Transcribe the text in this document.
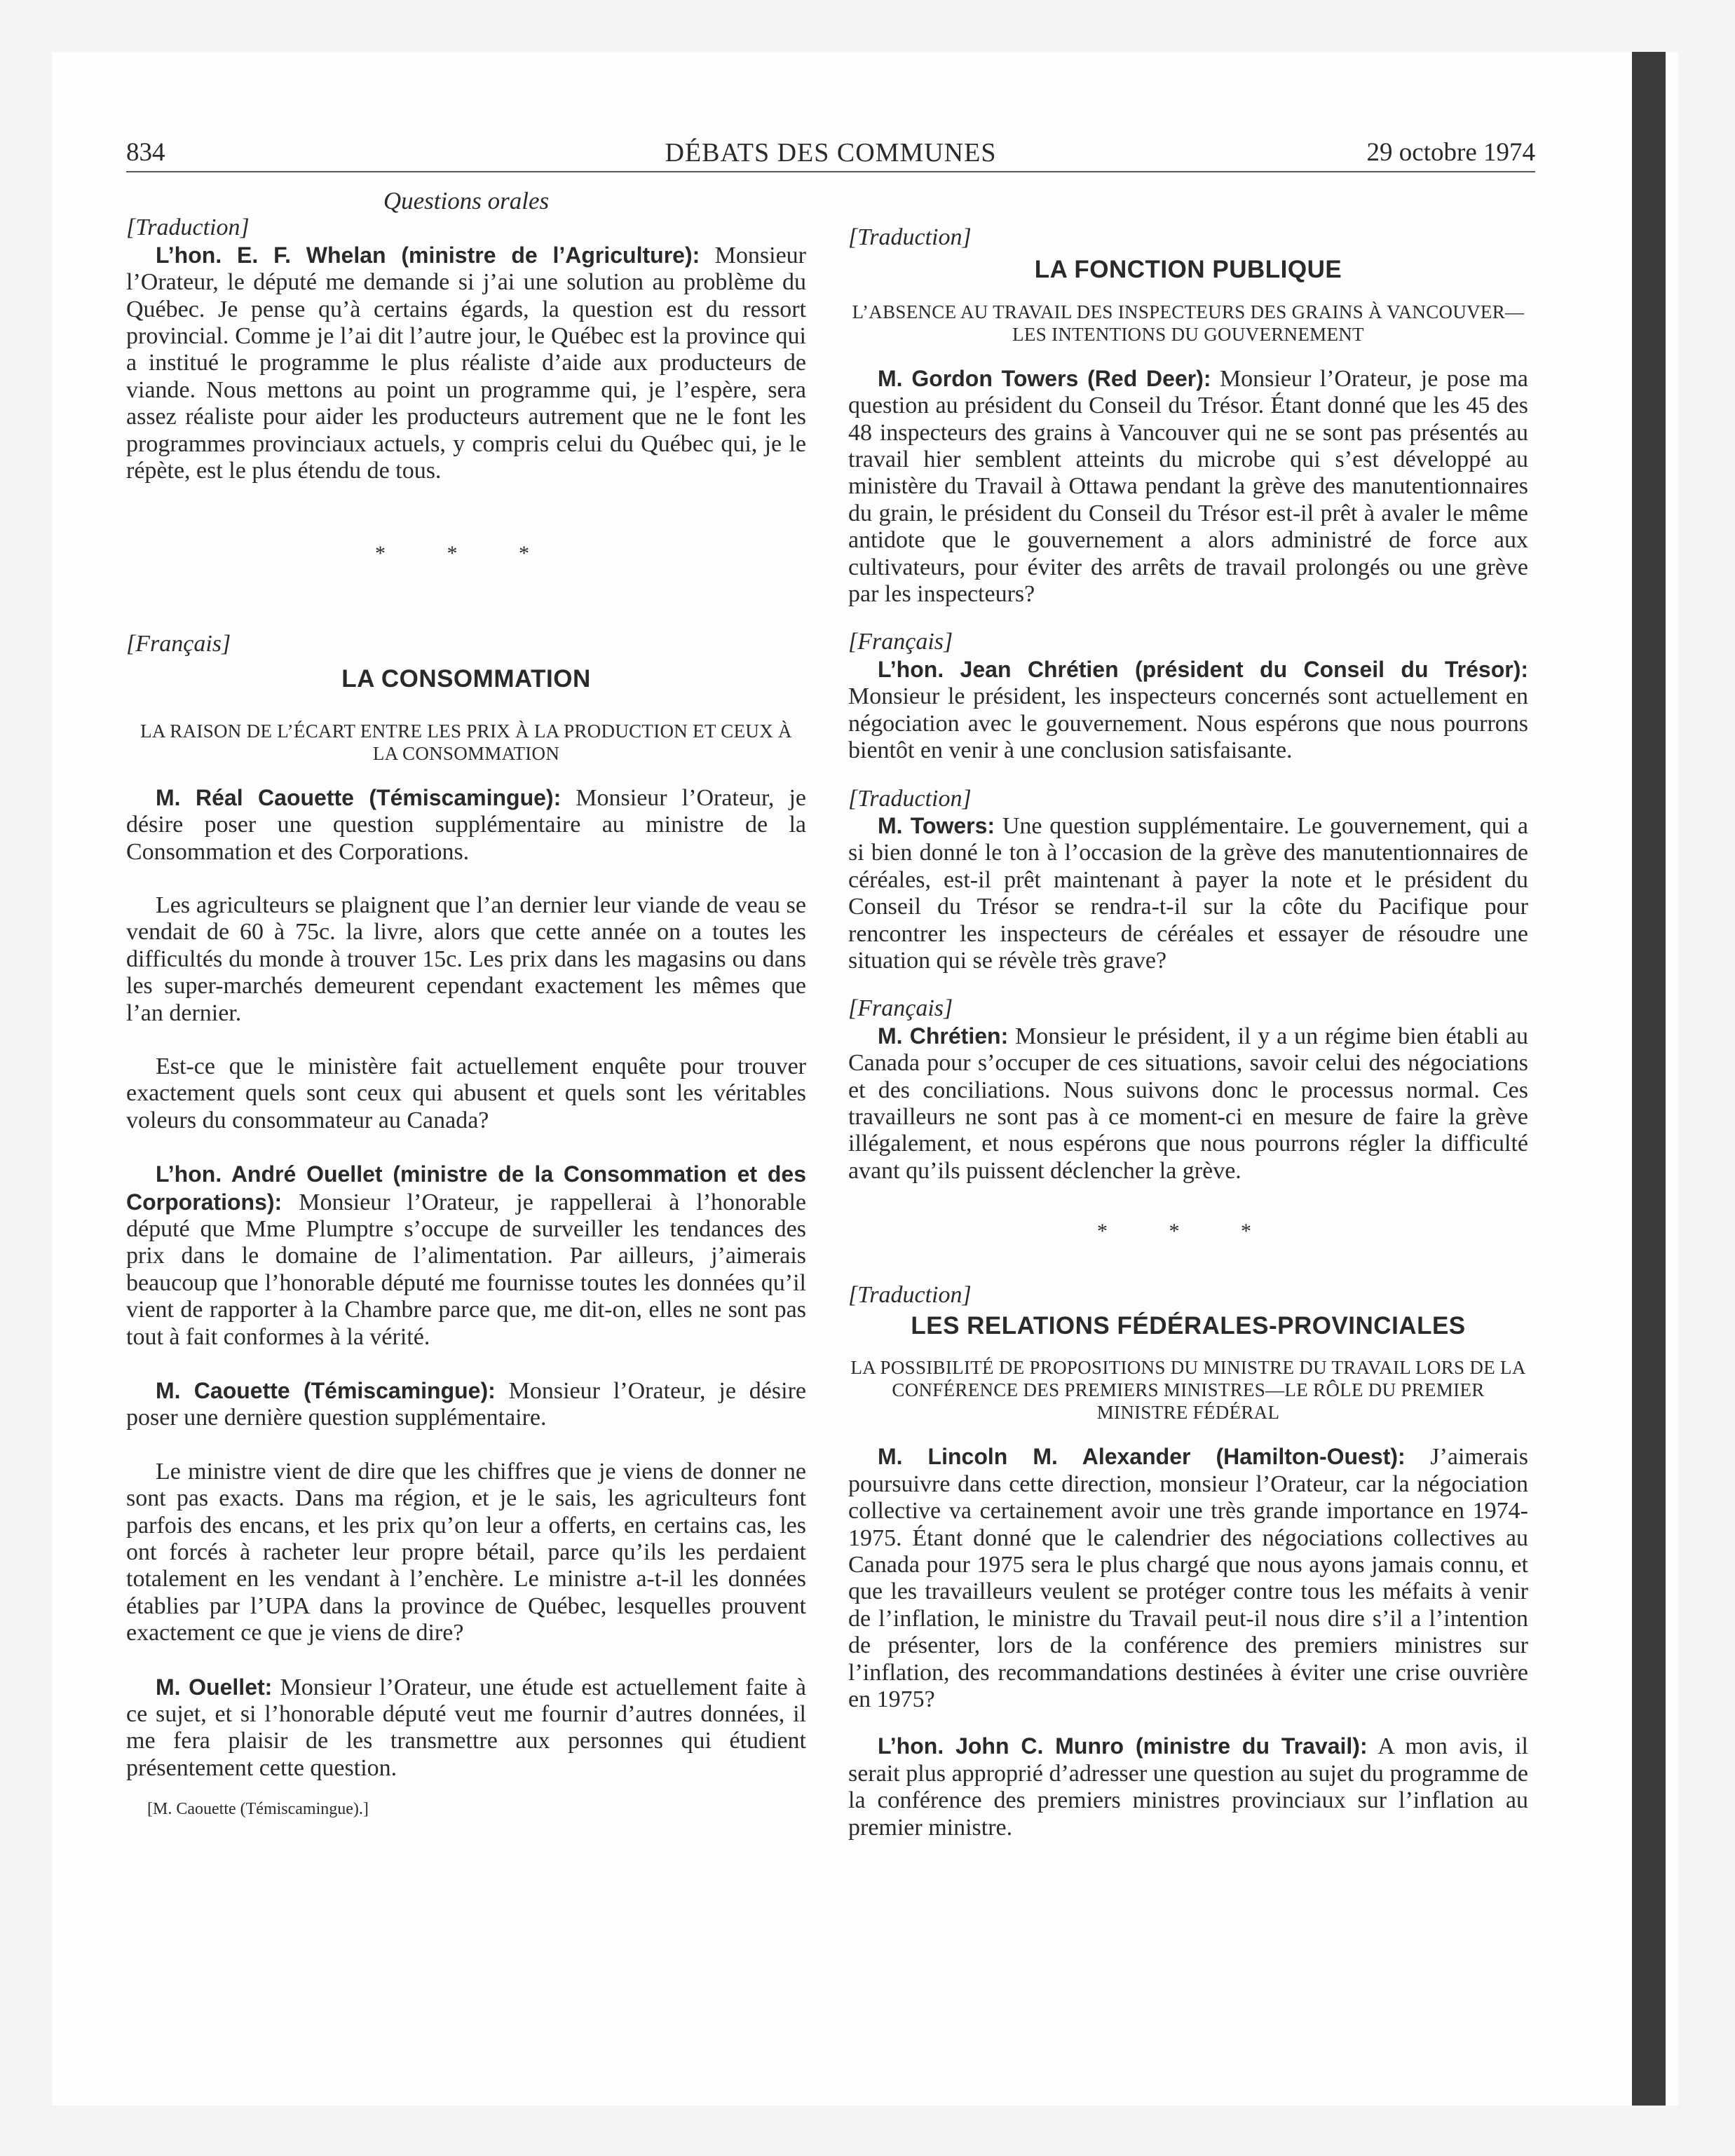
834	DÉBATS DES COMMUNES	29 octobre 1974
Questions orales
[Traduction]

L’hon. E. F. Whelan (ministre de l’Agriculture): Monsieur l’Orateur, le député me demande si j’ai une solution au problème du Québec. Je pense qu’à certains égards, la question est du ressort provincial. Comme je l’ai dit l’autre jour, le Québec est la province qui a institué le programme le plus réaliste d’aide aux producteurs de viande. Nous mettons au point un programme qui, je l’espère, sera assez réaliste pour aider les producteurs autrement que ne le font les programmes provinciaux actuels, y compris celui du Québec qui, je le répète, est le plus étendu de tous.

* * *
[Français]
LA CONSOMMATION
LA RAISON DE L’ÉCART ENTRE LES PRIX À LA PRODUCTION ET CEUX À LA CONSOMMATION

M. Réal Caouette (Témiscamingue): Monsieur l’Orateur, je désire poser une question supplémentaire au ministre de la Consommation et des Corporations.

Les agriculteurs se plaignent que l’an dernier leur viande de veau se vendait de 60 à 75c. la livre, alors que cette année on a toutes les difficultés du monde à trouver 15c. Les prix dans les magasins ou dans les super-marchés demeurent cependant exactement les mêmes que l’an dernier.

Est-ce que le ministère fait actuellement enquête pour trouver exactement quels sont ceux qui abusent et quels sont les véritables voleurs du consommateur au Canada?

L’hon. André Ouellet (ministre de la Consommation et des Corporations): Monsieur l’Orateur, je rappellerai à l’honorable député que Mme Plumptre s’occupe de surveiller les tendances des prix dans le domaine de l’alimentation. Par ailleurs, j’aimerais beaucoup que l’honorable député me fournisse toutes les données qu’il vient de rapporter à la Chambre parce que, me dit-on, elles ne sont pas tout à fait conformes à la vérité.

M. Caouette (Témiscamingue): Monsieur l’Orateur, je désire poser une dernière question supplémentaire.

Le ministre vient de dire que les chiffres que je viens de donner ne sont pas exacts. Dans ma région, et je le sais, les agriculteurs font parfois des encans, et les prix qu’on leur a offerts, en certains cas, les ont forcés à racheter leur propre bétail, parce qu’ils les perdaient totalement en les vendant à l’enchère. Le ministre a-t-il les données établies par l’UPA dans la province de Québec, lesquelles prouvent exactement ce que je viens de dire?

M. Ouellet: Monsieur l’Orateur, une étude est actuellement faite à ce sujet, et si l’honorable député veut me fournir d’autres données, il me fera plaisir de les transmettre aux personnes qui étudient présentement cette question.

[M. Caouette (Témiscamingue).]
[Traduction]
LA FONCTION PUBLIQUE
L’ABSENCE AU TRAVAIL DES INSPECTEURS DES GRAINS À VANCOUVER—LES INTENTIONS DU GOUVERNEMENT

M. Gordon Towers (Red Deer): Monsieur l’Orateur, je pose ma question au président du Conseil du Trésor. Étant donné que les 45 des 48 inspecteurs des grains à Vancouver qui ne se sont pas présentés au travail hier semblent atteints du microbe qui s’est développé au ministère du Travail à Ottawa pendant la grève des manutentionnaires du grain, le président du Conseil du Trésor est-il prêt à avaler le même antidote que le gouvernement a alors administré de force aux cultivateurs, pour éviter des arrêts de travail prolongés ou une grève par les inspecteurs?

[Français]

L’hon. Jean Chrétien (président du Conseil du Trésor): Monsieur le président, les inspecteurs concernés sont actuellement en négociation avec le gouvernement. Nous espérons que nous pourrons bientôt en venir à une conclusion satisfaisante.

[Traduction]

M. Towers: Une question supplémentaire. Le gouvernement, qui a si bien donné le ton à l’occasion de la grève des manutentionnaires de céréales, est-il prêt maintenant à payer la note et le président du Conseil du Trésor se rendra-t-il sur la côte du Pacifique pour rencontrer les inspecteurs de céréales et essayer de résoudre une situation qui se révèle très grave?

[Français]

M. Chrétien: Monsieur le président, il y a un régime bien établi au Canada pour s’occuper de ces situations, savoir celui des négociations et des conciliations. Nous suivons donc le processus normal. Ces travailleurs ne sont pas à ce moment-ci en mesure de faire la grève illégalement, et nous espérons que nous pourrons régler la difficulté avant qu’ils puissent déclencher la grève.

* * *
[Traduction]
LES RELATIONS FÉDÉRALES-PROVINCIALES
LA POSSIBILITÉ DE PROPOSITIONS DU MINISTRE DU TRAVAIL LORS DE LA CONFÉRENCE DES PREMIERS MINISTRES—LE RÔLE DU PREMIER MINISTRE FÉDÉRAL

M. Lincoln M. Alexander (Hamilton-Ouest): J’aimerais poursuivre dans cette direction, monsieur l’Orateur, car la négociation collective va certainement avoir une très grande importance en 1974-1975. Étant donné que le calendrier des négociations collectives au Canada pour 1975 sera le plus chargé que nous ayons jamais connu, et que les travailleurs veulent se protéger contre tous les méfaits à venir de l’inflation, le ministre du Travail peut-il nous dire s’il a l’intention de présenter, lors de la conférence des premiers ministres sur l’inflation, des recommandations destinées à éviter une crise ouvrière en 1975?

L’hon. John C. Munro (ministre du Travail): A mon avis, il serait plus approprié d’adresser une question au sujet du programme de la conférence des premiers ministres provinciaux sur l’inflation au premier ministre.
